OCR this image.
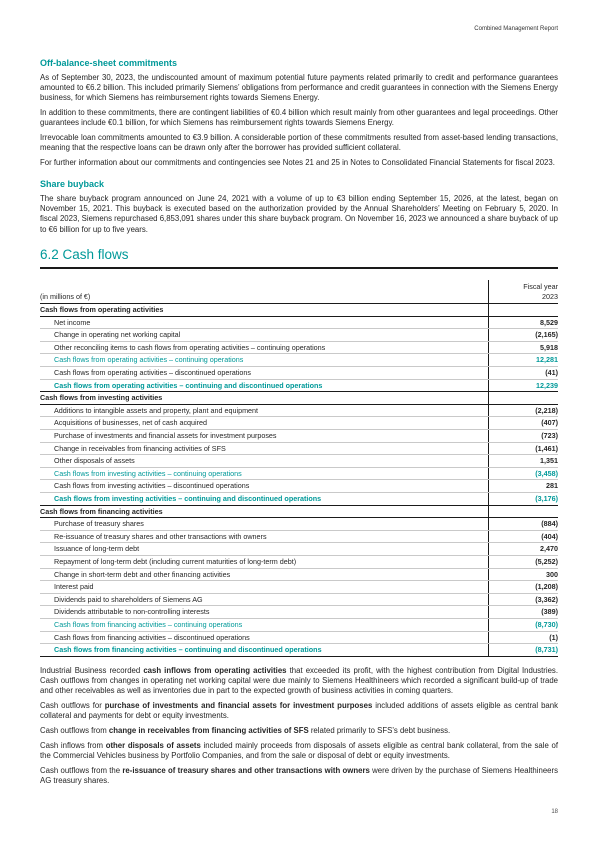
Combined Management Report
Off-balance-sheet commitments

As of September 30, 2023, the undiscounted amount of maximum potential future payments related primarily to credit and performance guarantees amounted to €6.2 billion. This included primarily Siemens’ obligations from performance and credit guarantees in connection with the Siemens Energy business, for which Siemens has reimbursement rights towards Siemens Energy.

In addition to these commitments, there are contingent liabilities of €0.4 billion which result mainly from other guarantees and legal proceedings. Other guarantees include €0.1 billion, for which Siemens has reimbursement rights towards Siemens Energy.

Irrevocable loan commitments amounted to €3.9 billion. A considerable portion of these commitments resulted from asset-based lending transactions, meaning that the respective loans can be drawn only after the borrower has provided sufficient collateral.

For further information about our commitments and contingencies see Notes 21 and 25 in Notes to Consolidated Financial Statements for fiscal 2023.

Share buyback

The share buyback program announced on June 24, 2021 with a volume of up to €3 billion ending September 15, 2026, at the latest, began on November 15, 2021. This buyback is executed based on the authorization provided by the Annual Shareholders’ Meeting on February 5, 2020. In fiscal 2023, Siemens repurchased 6,853,091 shares under this share buyback program. On November 16, 2023 we announced a share buyback of up to €6 billion for up to five years.

6.2 Cash flows
(in millions of €)	Fiscal year
2023
Cash flows from operating activities	
Net income	8,529
Change in operating net working capital	(2,165)
Other reconciling items to cash flows from operating activities – continuing operations	5,918
Cash flows from operating activities – continuing operations	12,281
Cash flows from operating activities – discontinued operations	(41)
Cash flows from operating activities – continuing and discontinued operations	12,239
Cash flows from investing activities	
Additions to intangible assets and property, plant and equipment	(2,218)
Acquisitions of businesses, net of cash acquired	(407)
Purchase of investments and financial assets for investment purposes	(723)
Change in receivables from financing activities of SFS	(1,461)
Other disposals of assets	1,351
Cash flows from investing activities – continuing operations	(3,458)
Cash flows from investing activities – discontinued operations	281
Cash flows from investing activities – continuing and discontinued operations	(3,176)
Cash flows from financing activities	
Purchase of treasury shares	(884)
Re-issuance of treasury shares and other transactions with owners	(404)
Issuance of long-term debt	2,470
Repayment of long-term debt (including current maturities of long-term debt)	(5,252)
Change in short-term debt and other financing activities	300
Interest paid	(1,208)
Dividends paid to shareholders of Siemens AG	(3,362)
Dividends attributable to non-controlling interests	(389)
Cash flows from financing activities – continuing operations	(8,730)
Cash flows from financing activities – discontinued operations	(1)
Cash flows from financing activities – continuing and discontinued operations	(8,731)

Industrial Business recorded cash inflows from operating activities that exceeded its profit, with the highest contribution from Digital Industries. Cash outflows from changes in operating net working capital were due mainly to Siemens Healthineers which recorded a significant build-up of trade and other receivables as well as inventories due in part to the expected growth of business activities in coming quarters.

Cash outflows for purchase of investments and financial assets for investment purposes included additions of assets eligible as central bank collateral and payments for debt or equity investments.

Cash outflows from change in receivables from financing activities of SFS related primarily to SFS’s debt business.

Cash inflows from other disposals of assets included mainly proceeds from disposals of assets eligible as central bank collateral, from the sale of the Commercial Vehicles business by Portfolio Companies, and from the sale or disposal of debt or equity investments.

Cash outflows from the re-issuance of treasury shares and other transactions with owners were driven by the purchase of Siemens Healthineers AG treasury shares.

18
